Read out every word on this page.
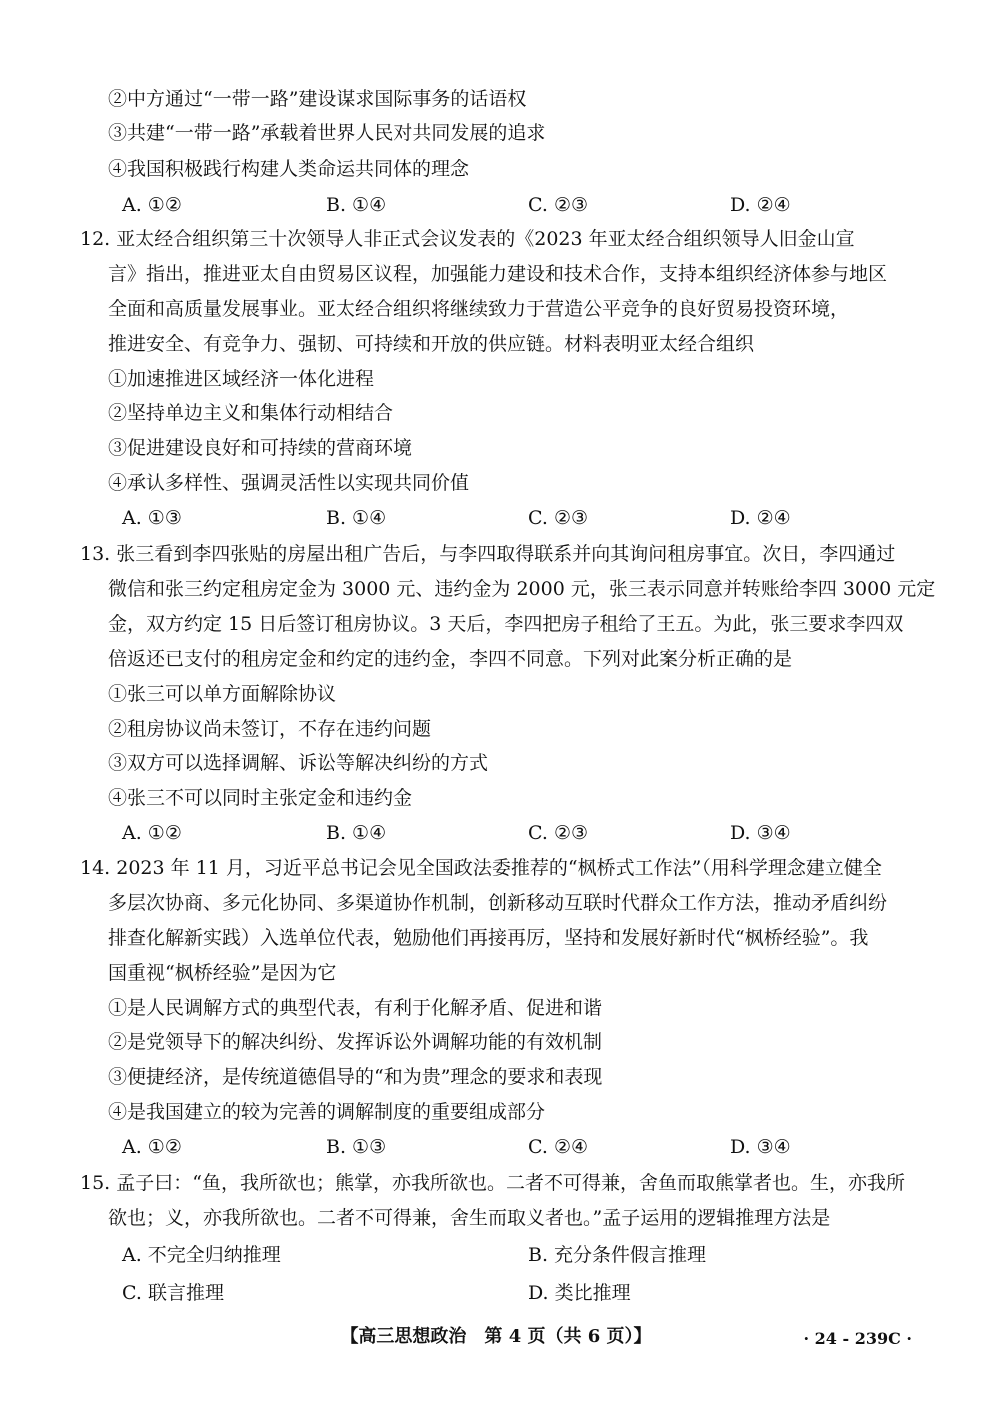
②中方通过“一带一路”建设谋求国际事务的话语权
③共建“一带一路”承载着世界人民对共同发展的追求
④我国积极践行构建人类命运共同体的理念
A. ①②	B. ①④	C. ②③	D. ②④
12. 亚太经合组织第三十次领导人非正式会议发表的《2023 年亚太经合组织领导人旧金山宣
言》指出，推进亚太自由贸易区议程，加强能力建设和技术合作，支持本组织经济体参与地区
全面和高质量发展事业。亚太经合组织将继续致力于营造公平竞争的良好贸易投资环境，
推进安全、有竞争力、强韧、可持续和开放的供应链。材料表明亚太经合组织
①加速推进区域经济一体化进程
②坚持单边主义和集体行动相结合
③促进建设良好和可持续的营商环境
④承认多样性、强调灵活性以实现共同价值
A. ①③	B. ①④	C. ②③	D. ②④
13. 张三看到李四张贴的房屋出租广告后，与李四取得联系并向其询问租房事宜。次日，李四通过
微信和张三约定租房定金为 3000 元、违约金为 2000 元，张三表示同意并转账给李四 3000 元定
金，双方约定 15 日后签订租房协议。3 天后，李四把房子租给了王五。为此，张三要求李四双
倍返还已支付的租房定金和约定的违约金，李四不同意。下列对此案分析正确的是
①张三可以单方面解除协议
②租房协议尚未签订，不存在违约问题
③双方可以选择调解、诉讼等解决纠纷的方式
④张三不可以同时主张定金和违约金
A. ①②	B. ①④	C. ②③	D. ③④
14. 2023 年 11 月，习近平总书记会见全国政法委推荐的“枫桥式工作法”（用科学理念建立健全
多层次协商、多元化协同、多渠道协作机制，创新移动互联时代群众工作方法，推动矛盾纠纷
排查化解新实践）入选单位代表，勉励他们再接再厉，坚持和发展好新时代“枫桥经验”。我
国重视“枫桥经验”是因为它
①是人民调解方式的典型代表，有利于化解矛盾、促进和谐
②是党领导下的解决纠纷、发挥诉讼外调解功能的有效机制
③便捷经济，是传统道德倡导的“和为贵”理念的要求和表现
④是我国建立的较为完善的调解制度的重要组成部分
A. ①②	B. ①③	C. ②④	D. ③④
15. 孟子曰：“鱼，我所欲也；熊掌，亦我所欲也。二者不可得兼，舍鱼而取熊掌者也。生，亦我所
欲也；义，亦我所欲也。二者不可得兼，舍生而取义者也。”孟子运用的逻辑推理方法是
A. 不完全归纳推理	B. 充分条件假言推理
C. 联言推理	D. 类比推理
【高三思想政治　第 4 页（共 6 页）】	· 24 - 239C ·
